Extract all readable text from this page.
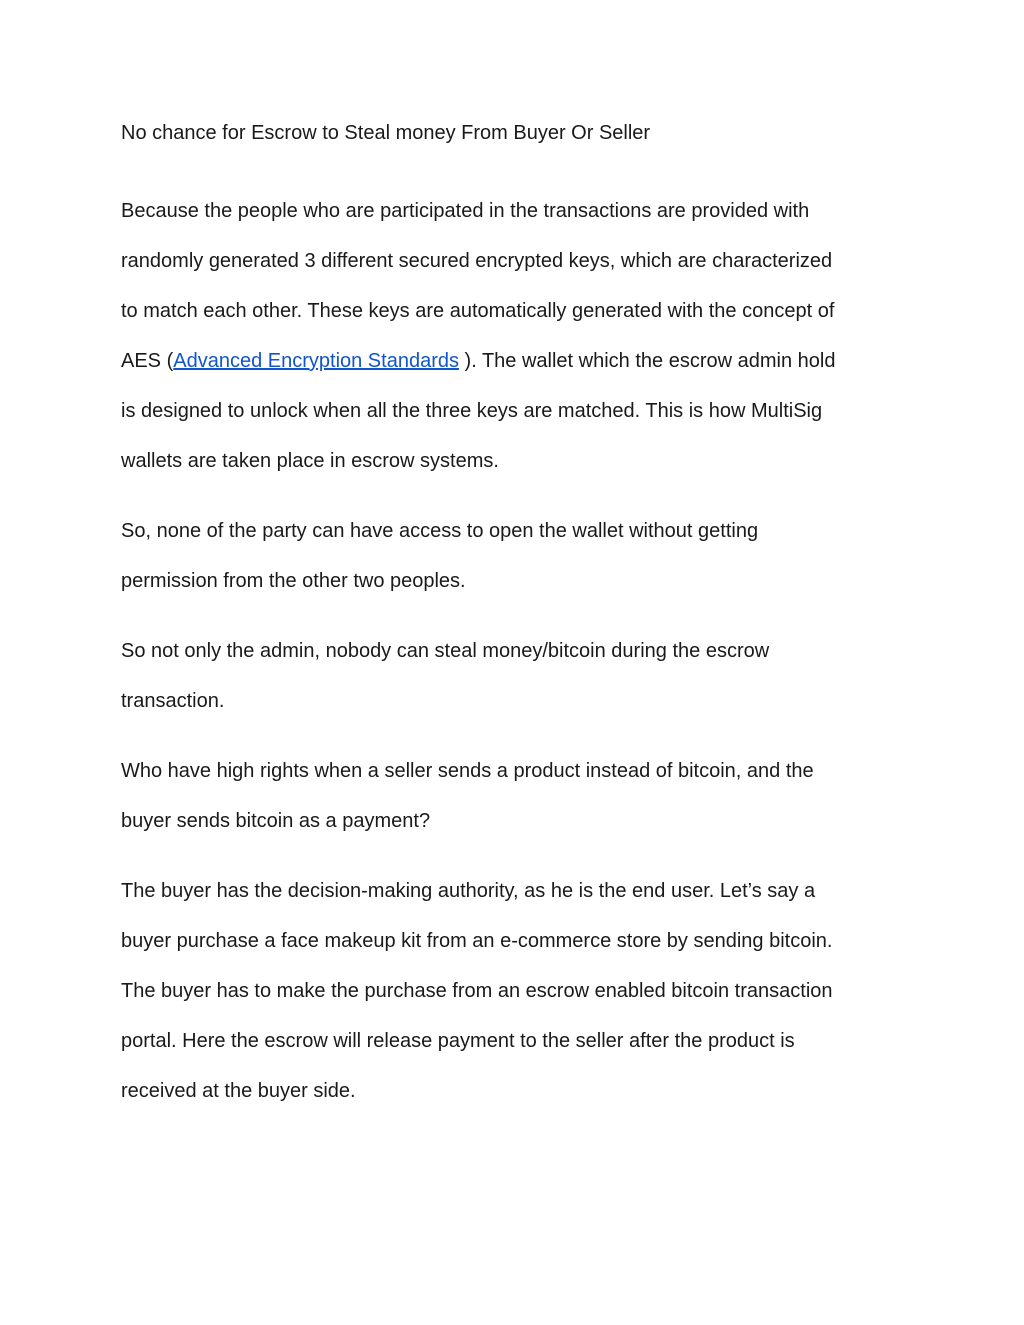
No chance for Escrow to Steal money From Buyer Or Seller

Because the people who are participated in the transactions are provided with

randomly generated 3 different secured encrypted keys, which are characterized

to match each other. These keys are automatically generated with the concept of

AES (Advanced Encryption Standards ). The wallet which the escrow admin hold

is designed to unlock when all the three keys are matched. This is how MultiSig

wallets are taken place in escrow systems.

So, none of the party can have access to open the wallet without getting

permission from the other two peoples.

So not only the admin, nobody can steal money/bitcoin during the escrow

transaction.

Who have high rights when a seller sends a product instead of bitcoin, and the

buyer sends bitcoin as a payment?

The buyer has the decision-making authority, as he is the end user. Let’s say a

buyer purchase a face makeup kit from an e-commerce store by sending bitcoin.

The buyer has to make the purchase from an escrow enabled bitcoin transaction

portal. Here the escrow will release payment to the seller after the product is

received at the buyer side.
